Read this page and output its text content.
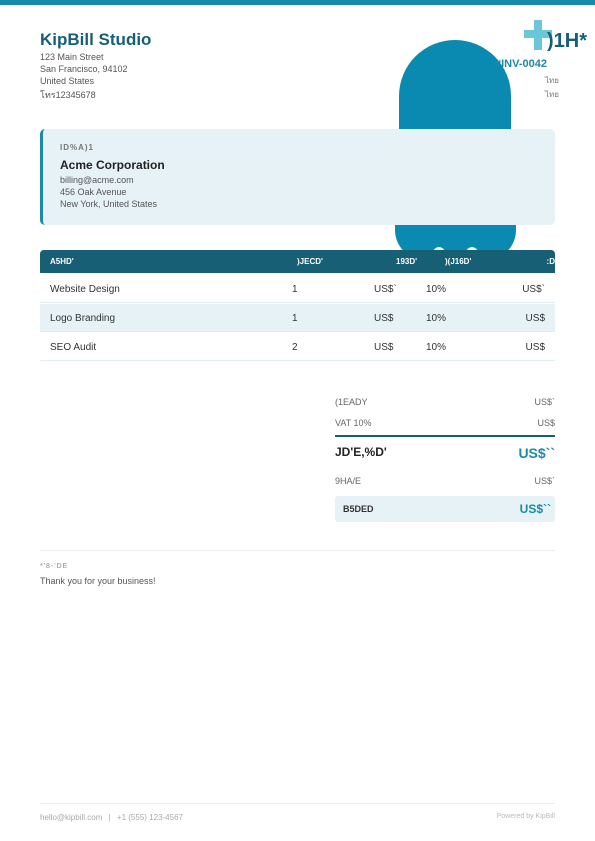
KipBill Studio
123 Main Street
San Francisco, 94102
United States
โทร12345678
)1H*
#INV-0042
ไทย
ไทย
ID%A)1
Acme Corporation
billing@acme.com
456 Oak Avenue
New York, United States
A5HD'	)JECD'	193D'	)(J16D'	:D
Website Design	1	US$`	10%	US$`
Logo Branding	1	US$	10%	US$
SEO Audit	2	US$	10%	US$
(1EADY	US$`
VAT 10%	US$
JD'E,%D'	US$``
9HA/E	US$`
B5DED	US$``
*'8-'DE
Thank you for your business!
hello@kipbill.com | +1 (555) 123-4567	Powered by KipBill
